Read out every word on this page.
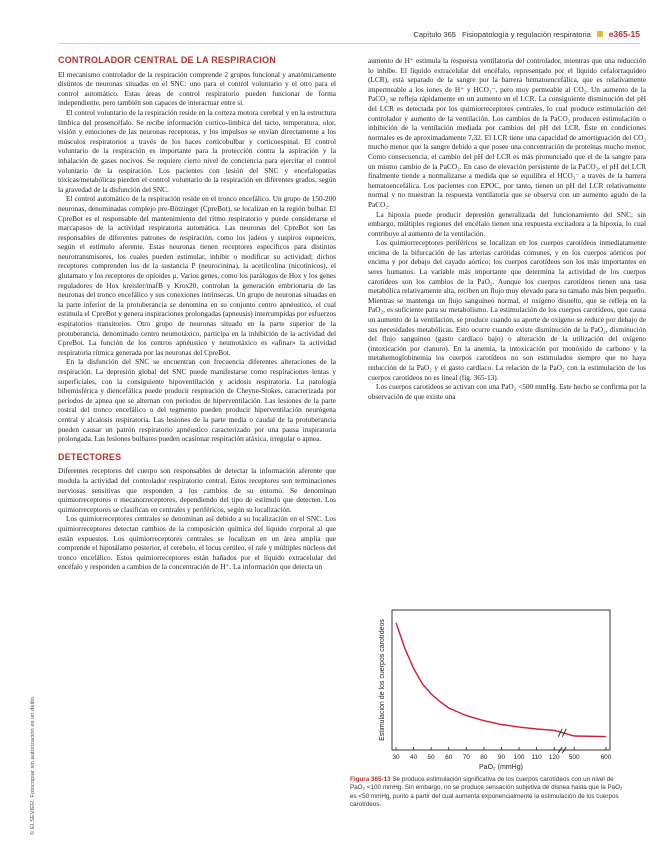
Capítulo 365 Fisiopatología y regulación respiratoria e365-15
© ELSEVIER. Fotocopiar sin autorización es un delito.
CONTROLADOR CENTRAL DE LA RESPIRACIÓN

El mecanismo controlador de la respiración comprende 2 grupos funcional y anatómicamente distintos de neuronas situadas en el SNC: uno para el control voluntario y el otro para el control automático. Estas áreas de control respiratorio pueden funcionar de forma independiente, pero también son capaces de interactuar entre sí.

El control voluntario de la respiración reside en la corteza motora cerebral y en la estructura límbica del prosencéfalo. Se recibe información cortico-límbica del tacto, temperatura, olor, visión y emociones de las neuronas receptoras, y los impulsos se envían directamente a los músculos respiratorios a través de los haces corticobulbar y corticoespinal. El control voluntario de la respiración es importante para la protección contra la aspiración y la inhalación de gases nocivos. Se requiere cierto nivel de conciencia para ejercitar el control voluntario de la respiración. Los pacientes con lesión del SNC y encefalopatías tóxicas/metabólicas pierden el control voluntario de la respiración en diferentes grados, según la gravedad de la disfunción del SNC.

El control automático de la respiración reside en el tronco encefálico. Un grupo de 150-200 neuronas, denominadas complejo pre-Bötzinger (CpreBot), se localizan en la región bulbar. El CpreBot es el responsable del mantenimiento del ritmo respiratorio y puede considerarse el marcapasos de la actividad respiratoria automática. Las neuronas del CpreBot son las responsables de diferentes patrones de respiración, como los jadeos y suspiros eupneicos, según el estímulo aferente. Estas neuronas tienen receptores específicos para distintos neurotransmisores, los cuales pueden estimular, inhibir o modificar su actividad; dichos receptores comprenden los de la sustancia P (neurocinina), la acetilcolina (nicotínicos), el glutamato y los receptores de opioides μ. Varios genes, como los parálogos de Hox y los genes reguladores de Hox kreisler/mafB y Krox20, controlan la generación embrionaria de las neuronas del tronco encefálico y sus conexiones intrínsecas. Un grupo de neuronas situadas en la parte inferior de la protuberancia se denomina en su conjunto centro apnéustico, el cual estimula el CpreBot y genera inspiraciones prolongadas (apneusis) interrumpidas por esfuerzos espiratorios transitorios. Otro grupo de neuronas situado en la parte superior de la protuberancia, denominado centro neumotáxico, participa en la inhibición de la actividad del CpreBot. La función de los centros apnéustico y neumotáxico es «afinar» la actividad respiratoria rítmica generada por las neuronas del CpreBot.

En la disfunción del SNC se encuentran con frecuencia diferentes alteraciones de la respiración. La depresión global del SNC puede manifestarse como respiraciones lentas y superficiales, con la consiguiente hipoventilación y acidosis respiratoria. La patología bihemisférica y diencefálica puede producir respiración de Cheyne-Stokes, caracterizada por períodos de apnea que se alternan con períodos de hiperventilación. Las lesiones de la parte rostral del tronco encefálico o del tegmento pueden producir hiperventilación neurógena central y alcalosis respiratoria. Las lesiones de la parte media o caudal de la protuberancia pueden causar un patrón respiratorio apnéustico caracterizado por una pausa inspiratoria prolongada. Las lesiones bulbares pueden ocasionar respiración atáxica, irregular o apnea.

DETECTORES

Diferentes receptores del cuerpo son responsables de detectar la información aferente que modula la actividad del controlador respiratorio central. Estos receptores son terminaciones nerviosas sensitivas que responden a los cambios de su entorno. Se denominan quimiorreceptores o mecanorreceptores, dependiendo del tipo de estímulo que detecten. Los quimiorreceptores se clasifican en centrales y periféricos, según su localización.

Los quimiorreceptores centrales se denominan así debido a su localización en el SNC. Los quimiorreceptores detectan cambios de la composición química del líquido corporal al que están expuestos. Los quimiorreceptores centrales se localizan en un área amplia que comprende el hipotálamo posterior, el cerebelo, el locus cerúleo, el rafe y múltiples núcleos del tronco encefálico. Estos quimiorreceptores están bañados por el líquido extracelular del encéfalo y responden a cambios de la concentración de H⁺. La información que detecta un

aumento de H⁺ estimula la respuesta ventilatoria del controlador, mientras que una reducción lo inhibe. El líquido extracelular del encéfalo, representado por el líquido cefalorraquídeo (LCR), está separado de la sangre por la barrera hematoencefálica, que es relativamente impermeable a los iones de H⁺ y HCO₃⁻, pero muy permeable al CO₂. Un aumento de la PaCO₂ se refleja rápidamente en un aumento en el LCR. La consiguiente disminución del pH del LCR es detectada por los quimiorreceptores centrales, lo cual produce estimulación del controlador y aumento de la ventilación. Los cambios de la PaCO₂ producen estimulación o inhibición de la ventilación mediada por cambios del pH del LCR. Éste en condiciones normales es de aproximadamente 7,32. El LCR tiene una capacidad de amortiguación del CO₂ mucho menor que la sangre debido a que posee una concentración de proteínas mucho menor. Como consecuencia, el cambio del pH del LCR es más pronunciado que el de la sangre para un mismo cambio de la PaCO₂. En caso de elevación persistente de la PaCO₂, el pH del LCR finalmente tiende a normalizarse a medida que se equilibra el HCO₃⁻ a través de la barrera hematoencefálica. Los pacientes con EPOC, por tanto, tienen un pH del LCR relativamente normal y no muestran la respuesta ventilatoria que se observa con un aumento agudo de la PaCO₂.

La hipoxia puede producir depresión generalizada del funcionamiento del SNC; sin embargo, múltiples regiones del encéfalo tienen una respuesta excitadora a la hipoxia, lo cual contribuye al aumento de la ventilación.

Los quimiorreceptores periféricos se localizan en los cuerpos carotídeos inmediatamente encima de la bifurcación de las arterias carótidas comunes, y en los cuerpos aórticos por encima y por debajo del cayado aórtico; los cuerpos carotídeos son los más importantes en seres humanos. La variable más importante que determina la actividad de los cuerpos carotídeos son los cambios de la PaO₂. Aunque los cuerpos carotídeos tienen una tasa metabólica relativamente alta, reciben un flujo muy elevado para su tamaño más bien pequeño. Mientras se mantenga un flujo sanguíneo normal, el oxígeno disuelto, que se refleja en la PaO₂, es suficiente para su metabolismo. La estimulación de los cuerpos carotídeos, que causa un aumento de la ventilación, se produce cuando su aporte de oxígeno se reduce por debajo de sus necesidades metabólicas. Esto ocurre cuando existe disminución de la PaO₂, disminución del flujo sanguíneo (gasto cardíaco bajo) o alteración de la utilización del oxígeno (intoxicación por cianuro). En la anemia, la intoxicación por monóxido de carbono y la metahemoglobinemia los cuerpos carotídeos no son estimulados siempre que no haya reducción de la PaO₂ y el gasto cardíaco. La relación de la PaO₂ con la estimulación de los cuerpos carotídeos no es lineal (fig. 365-13).

Los cuerpos carotídeos se activan con una PaO₂ <500 mmHg. Este hecho se confirma por la observación de que existe una

30 40 50 60 70 80 90 100 110 120 500	600
PaO₂ (mmHg)
Estimulación de los cuerpos carotídeos
Figura 365-13 Se produce estimulación significativa de los cuerpos carotídeos con un nivel de PaO₂ <100 mmHg. Sin embargo, no se produce sensación subjetiva de disnea hasta que la PaO₂ es <50 mmHg, punto a partir del cual aumenta exponencialmente la estimulación de los cuerpos carotídeos.
